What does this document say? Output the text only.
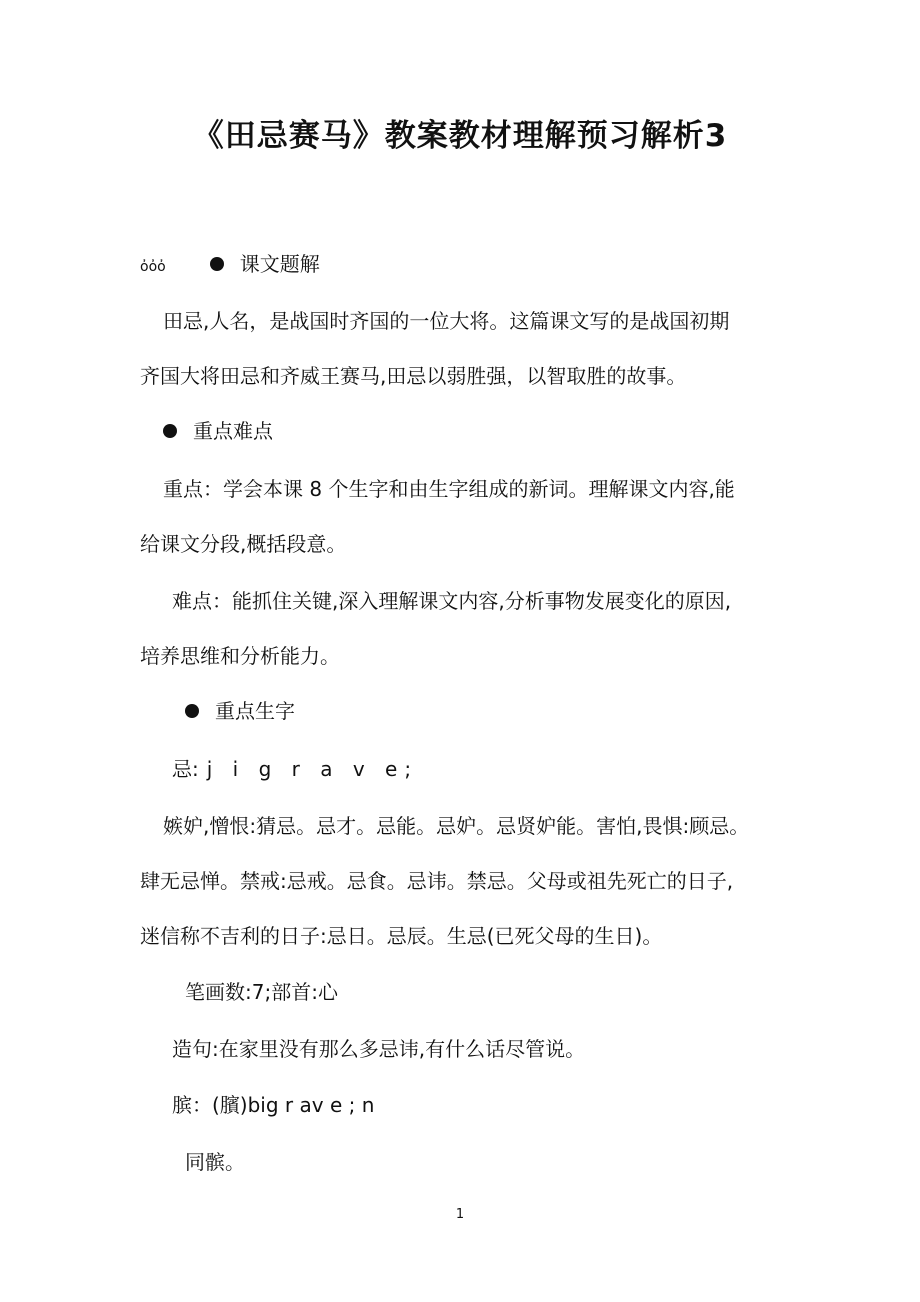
《田忌赛马》教案教材理解预习解析3
ὀὀὀ	课文题解
田忌,人名，是战国时齐国的一位大将。这篇课文写的是战国初期
齐国大将田忌和齐威王赛马,田忌以弱胜强，以智取胜的故事。
重点难点
重点：学会本课 8 个生字和由生字组成的新词。理解课文内容,能
给课文分段,概括段意。
难点：能抓住关键,深入理解课文内容,分析事物发展变化的原因,
培养思维和分析能力。
重点生字
忌: j i g r a v e;
嫉妒,憎恨:猜忌。忌才。忌能。忌妒。忌贤妒能。害怕,畏惧:顾忌。
肆无忌惮。禁戒:忌戒。忌食。忌讳。禁忌。父母或祖先死亡的日子,
迷信称不吉利的日子:忌日。忌辰。生忌(已死父母的生日)。
笔画数:7;部首:心
造句:在家里没有那么多忌讳,有什么话尽管说。
膑：(臏)big r av e ; n
同髌。
1
